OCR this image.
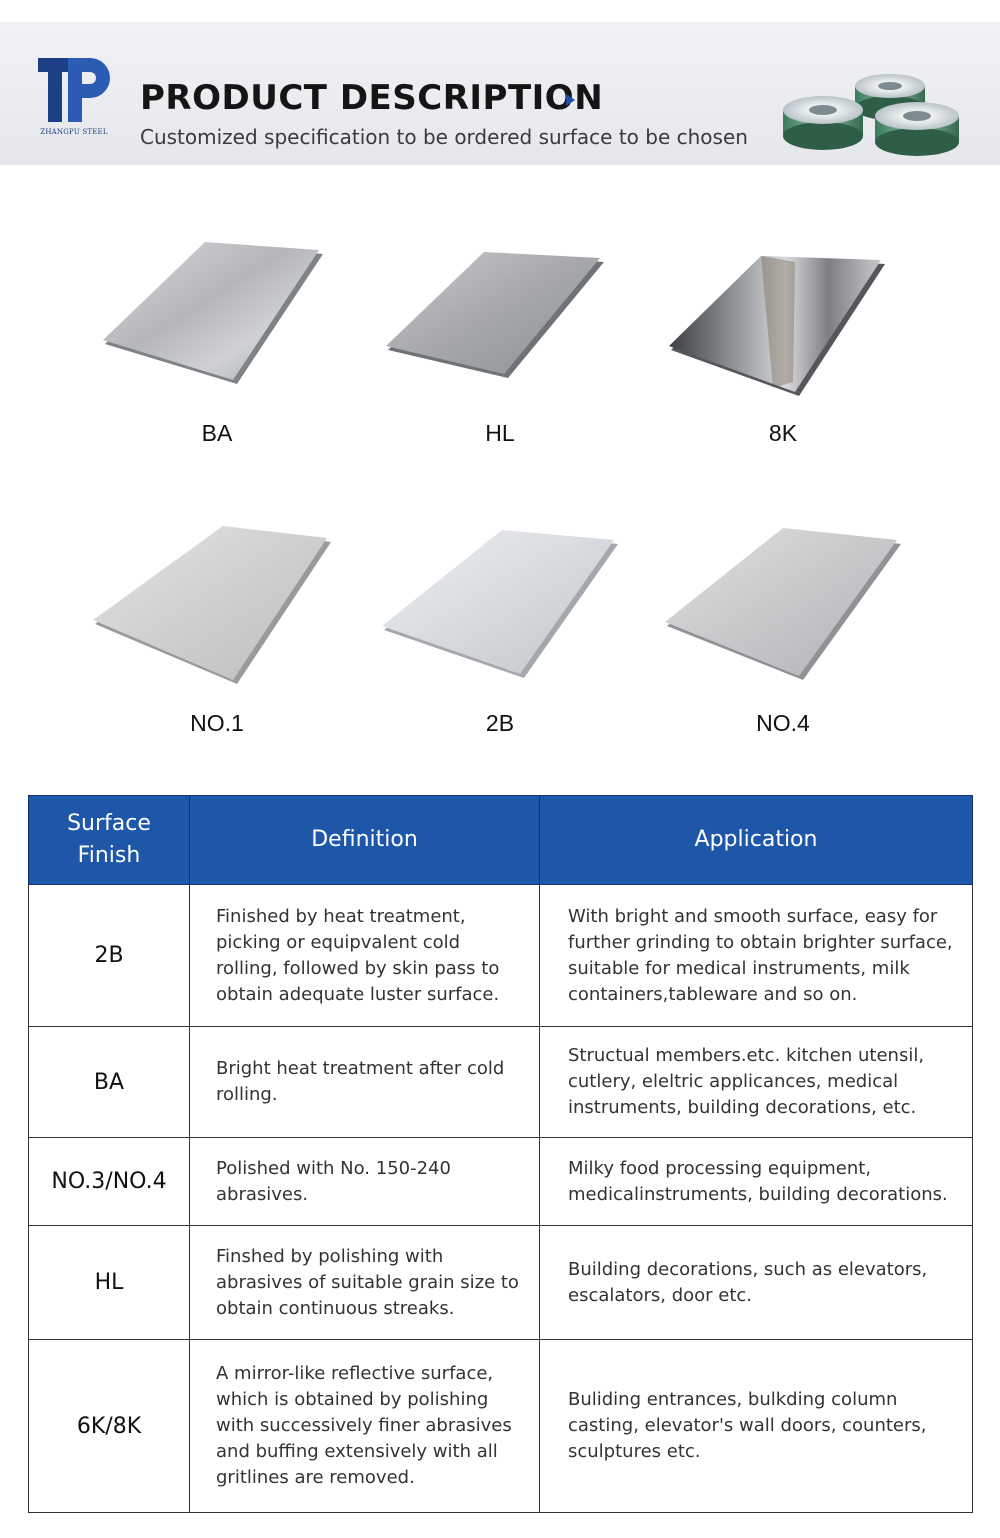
ZHANGPU STEEL
PRODUCT DESCRIPTION
Customized specification to be ordered surface to be chosen
BA	HL	8K
NO.1	2B	NO.4
Surface Finish	Definition	Application
2B	Finished by heat treatment, picking or equipvalent cold rolling, followed by skin pass to obtain adequate luster surface.	With bright and smooth surface, easy for further grinding to obtain brighter surface, suitable for medical instruments, milk containers,tableware and so on.
BA	Bright heat treatment after cold rolling.	Structual members.etc. kitchen utensil, cutlery, eleltric applicances, medical instruments, building decorations, etc.
NO.3/NO.4	Polished with No. 150-240 abrasives.	Milky food processing equipment, medicalinstruments, building decorations.
HL	Finshed by polishing with abrasives of suitable grain size to obtain continuous streaks.	Building decorations, such as elevators, escalators, door etc.
6K/8K	A mirror-like reflective surface, which is obtained by polishing with successively finer abrasives and buffing extensively with all gritlines are removed.	Buliding entrances, bulkding column casting, elevator's wall doors, counters, sculptures etc.
